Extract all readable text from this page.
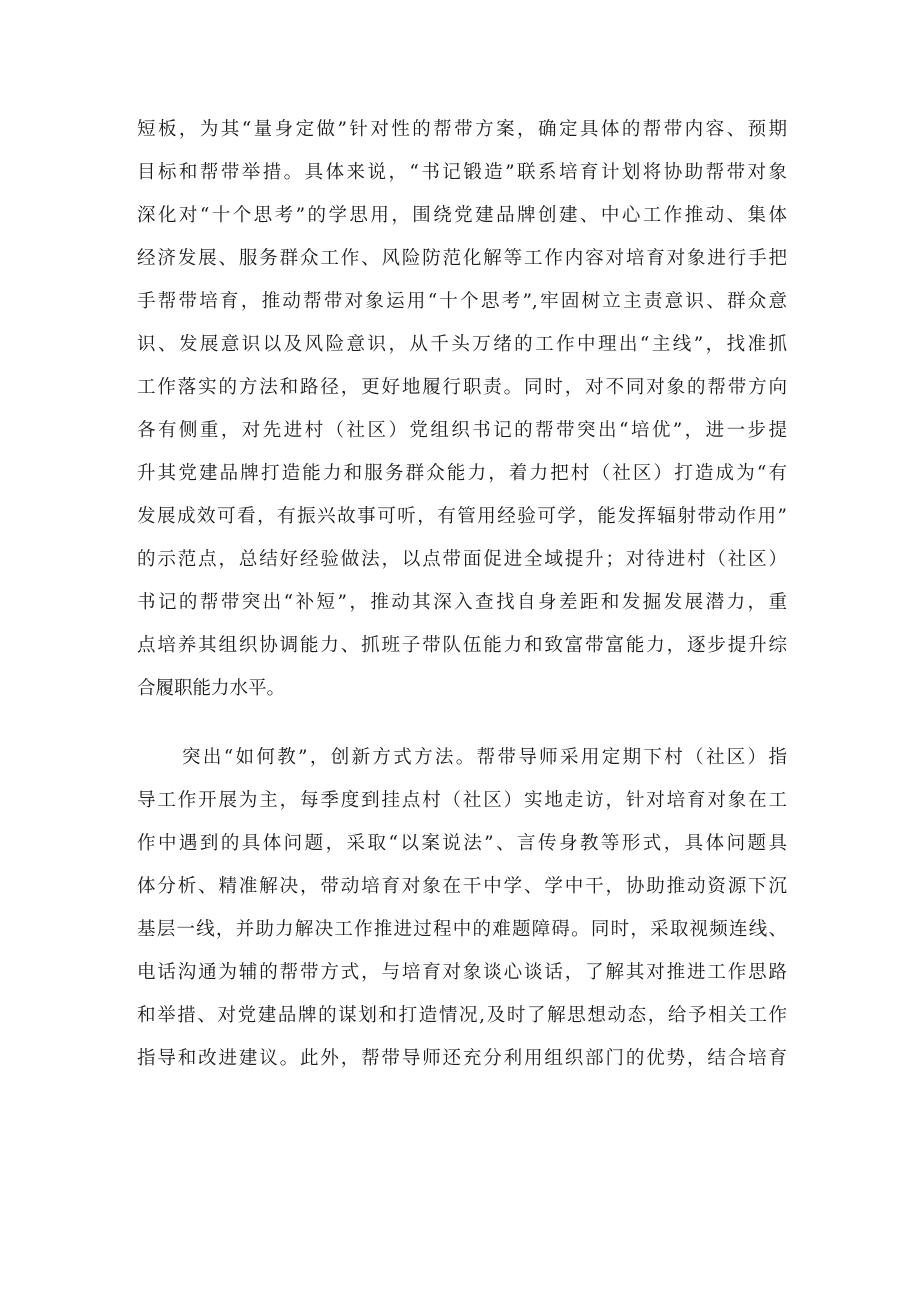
短板，为其“量身定做”针对性的帮带方案，确定具体的帮带内容、预期
目标和帮带举措。具体来说，“书记锻造”联系培育计划将协助帮带对象
深化对“十个思考”的学思用，围绕党建品牌创建、中心工作推动、集体
经济发展、服务群众工作、风险防范化解等工作内容对培育对象进行手把
手帮带培育，推动帮带对象运用“十个思考”,牢固树立主责意识、群众意
识、发展意识以及风险意识，从千头万绪的工作中理出“主线”，找准抓
工作落实的方法和路径，更好地履行职责。同时，对不同对象的帮带方向
各有侧重，对先进村（社区）党组织书记的帮带突出“培优”，进一步提
升其党建品牌打造能力和服务群众能力，着力把村（社区）打造成为“有
发展成效可看，有振兴故事可听，有管用经验可学，能发挥辐射带动作用”
的示范点，总结好经验做法，以点带面促进全域提升；对待进村（社区）
书记的帮带突出“补短”，推动其深入查找自身差距和发掘发展潜力，重
点培养其组织协调能力、抓班子带队伍能力和致富带富能力，逐步提升综
合履职能力水平。
突出“如何教”，创新方式方法。帮带导师采用定期下村（社区）指
导工作开展为主，每季度到挂点村（社区）实地走访，针对培育对象在工
作中遇到的具体问题，采取“以案说法”、言传身教等形式，具体问题具
体分析、精准解决，带动培育对象在干中学、学中干，协助推动资源下沉
基层一线，并助力解决工作推进过程中的难题障碍。同时，采取视频连线、
电话沟通为辅的帮带方式，与培育对象谈心谈话，了解其对推进工作思路
和举措、对党建品牌的谋划和打造情况,及时了解思想动态，给予相关工作
指导和改进建议。此外，帮带导师还充分利用组织部门的优势，结合培育
